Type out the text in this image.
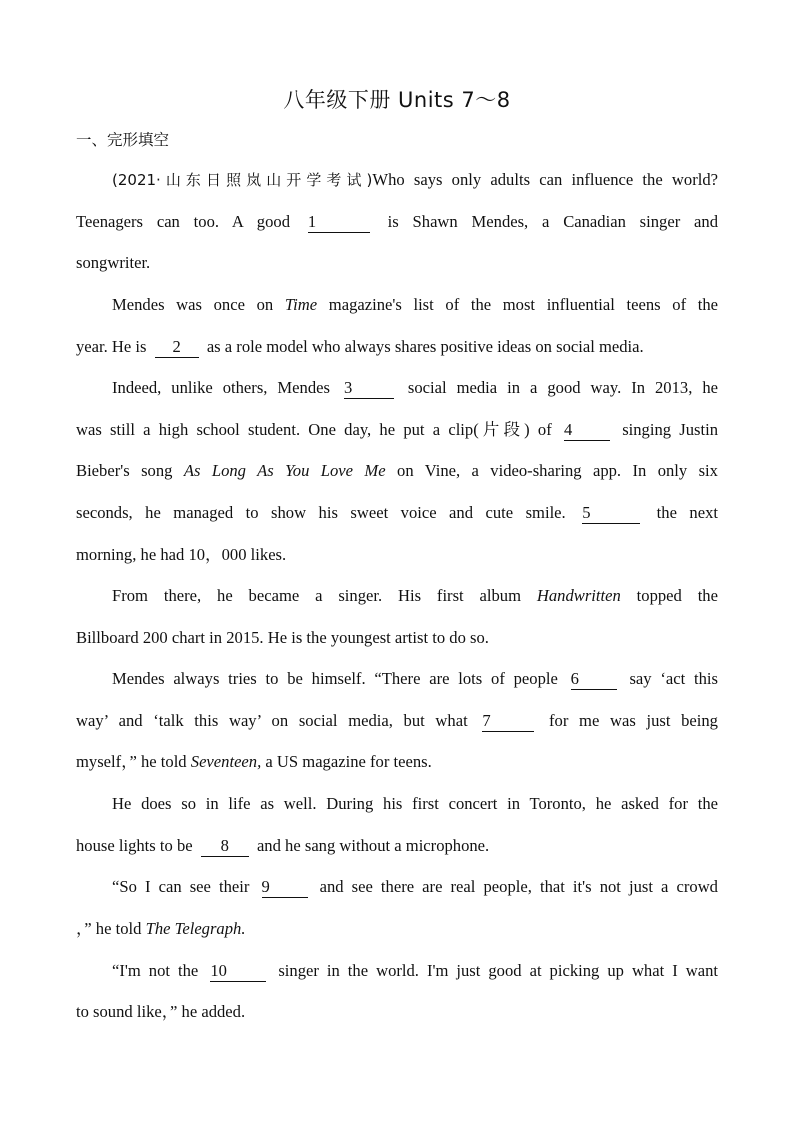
八年级下册 Units 7～8
一、完形填空
(2021·山东日照岚山开学考试)Who says only adults can influence the world?
Teenagers can too. A good 1	is Shawn Mendes, a Canadian singer and
songwriter.
Mendes was once on Time magazine's list of the most influential teens of the
year. He is 2 as a role model who always shares positive ideas on social media.
Indeed, unlike others, Mendes 3	social media in a good way. In 2013, he
was still a high school student. One day, he put a clip(片段) of 4	singing Justin
Bieber's song As Long As You Love Me on Vine, a video-sharing app. In only six
seconds, he managed to show his sweet voice and cute smile. 5	the next
morning, he had 10，000 likes.
From there, he became a singer. His first album Handwritten topped the
Billboard 200 chart in 2015. He is the youngest artist to do so.
Mendes always tries to be himself. “There are lots of people 6	say ‘act this
way’ and ‘talk this way’ on social media, but what 7	for me was just being
myself，” he told Seventeen, a US magazine for teens.
He does so in life as well. During his first concert in Toronto, he asked for the
house lights to be 8 and he sang without a microphone.
“So I can see their 9	and see there are real people, that it's not just a crowd
，” he told The Telegraph.
“I'm not the 10	singer in the world. I'm just good at picking up what I want
to sound like，” he added.
